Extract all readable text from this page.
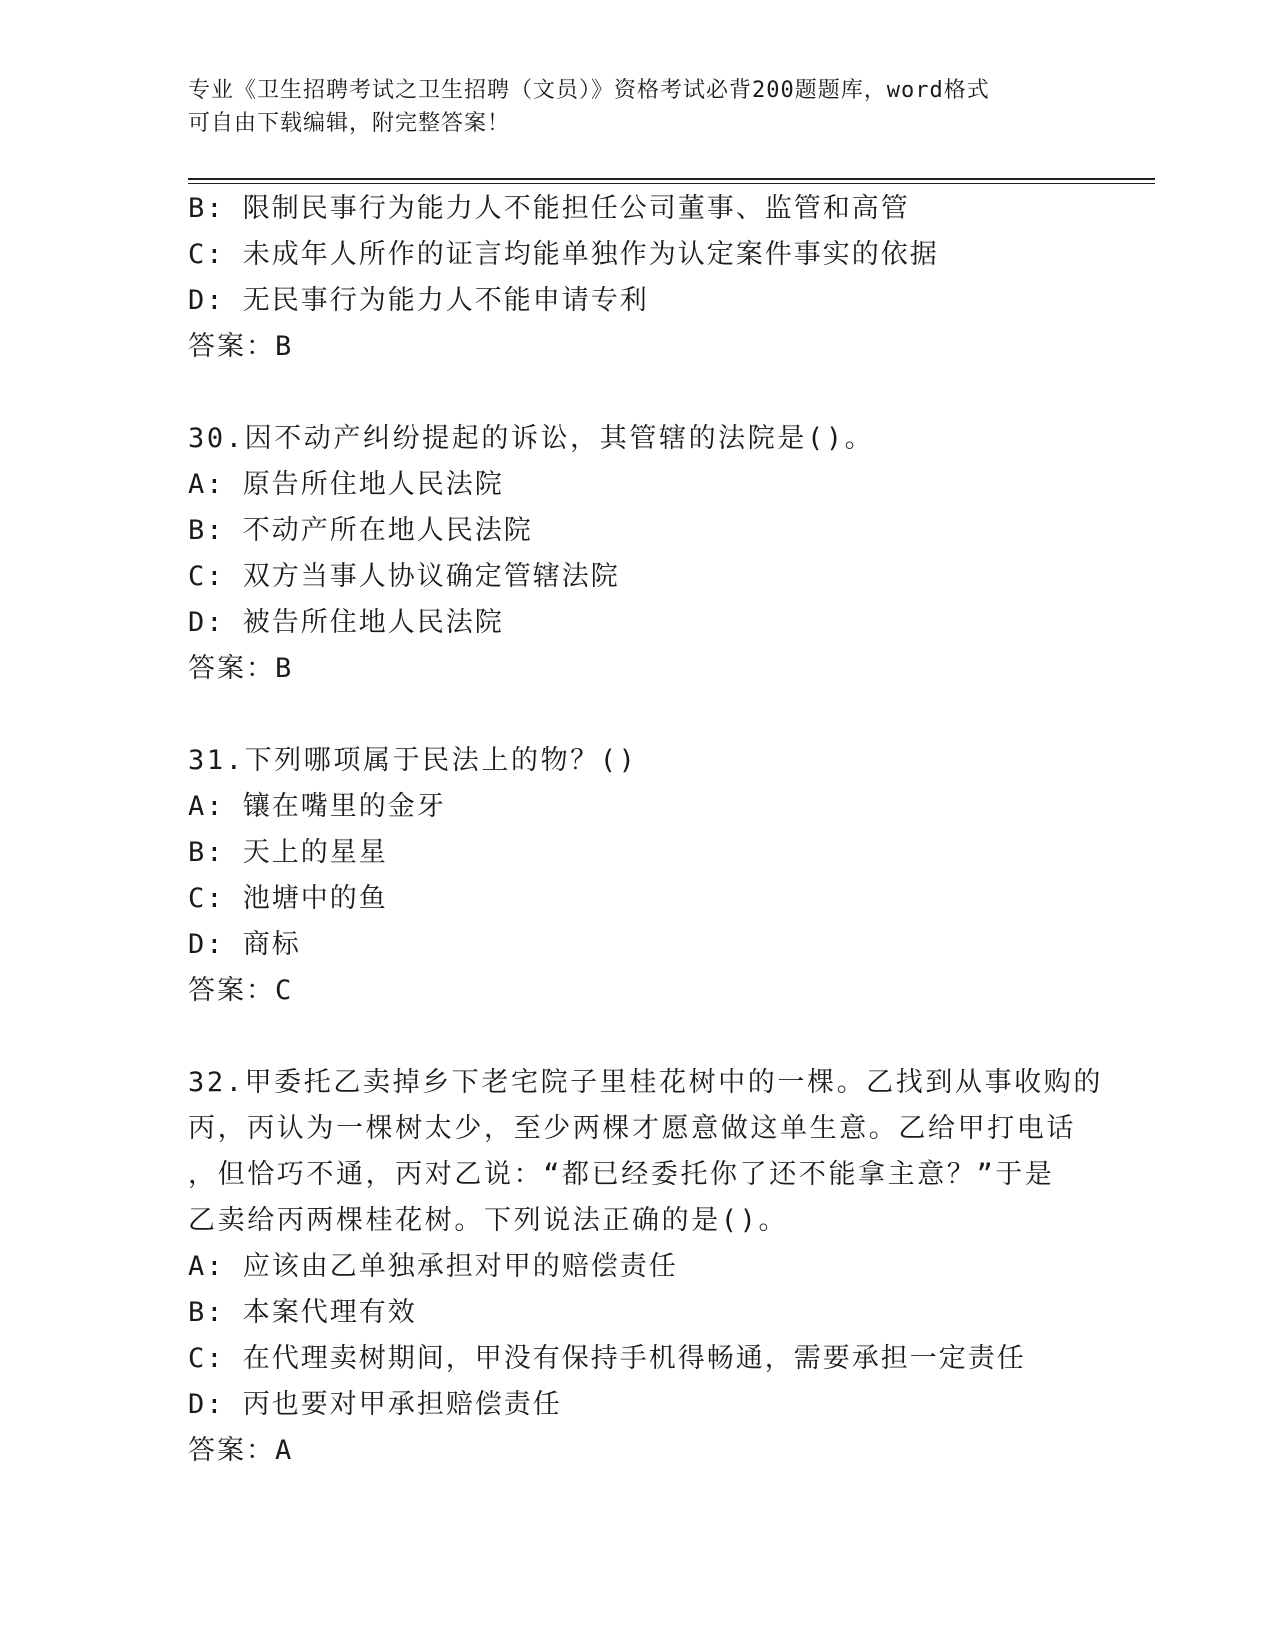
专业《卫生招聘考试之卫生招聘（文员）》资格考试必背200题题库，word格式
可自由下载编辑，附完整答案！
B: 限制民事行为能力人不能担任公司董事、监管和高管
C: 未成年人所作的证言均能单独作为认定案件事实的依据
D: 无民事行为能力人不能申请专利
答案：B
30.因不动产纠纷提起的诉讼，其管辖的法院是()。
A: 原告所住地人民法院
B: 不动产所在地人民法院
C: 双方当事人协议确定管辖法院
D: 被告所住地人民法院
答案：B
31.下列哪项属于民法上的物？()
A: 镶在嘴里的金牙
B: 天上的星星
C: 池塘中的鱼
D: 商标
答案：C
32.甲委托乙卖掉乡下老宅院子里桂花树中的一棵。乙找到从事收购的
丙，丙认为一棵树太少，至少两棵才愿意做这单生意。乙给甲打电话
，但恰巧不通，丙对乙说：“都已经委托你了还不能拿主意？”于是
乙卖给丙两棵桂花树。下列说法正确的是()。
A: 应该由乙单独承担对甲的赔偿责任
B: 本案代理有效
C: 在代理卖树期间，甲没有保持手机得畅通，需要承担一定责任
D: 丙也要对甲承担赔偿责任
答案：A
